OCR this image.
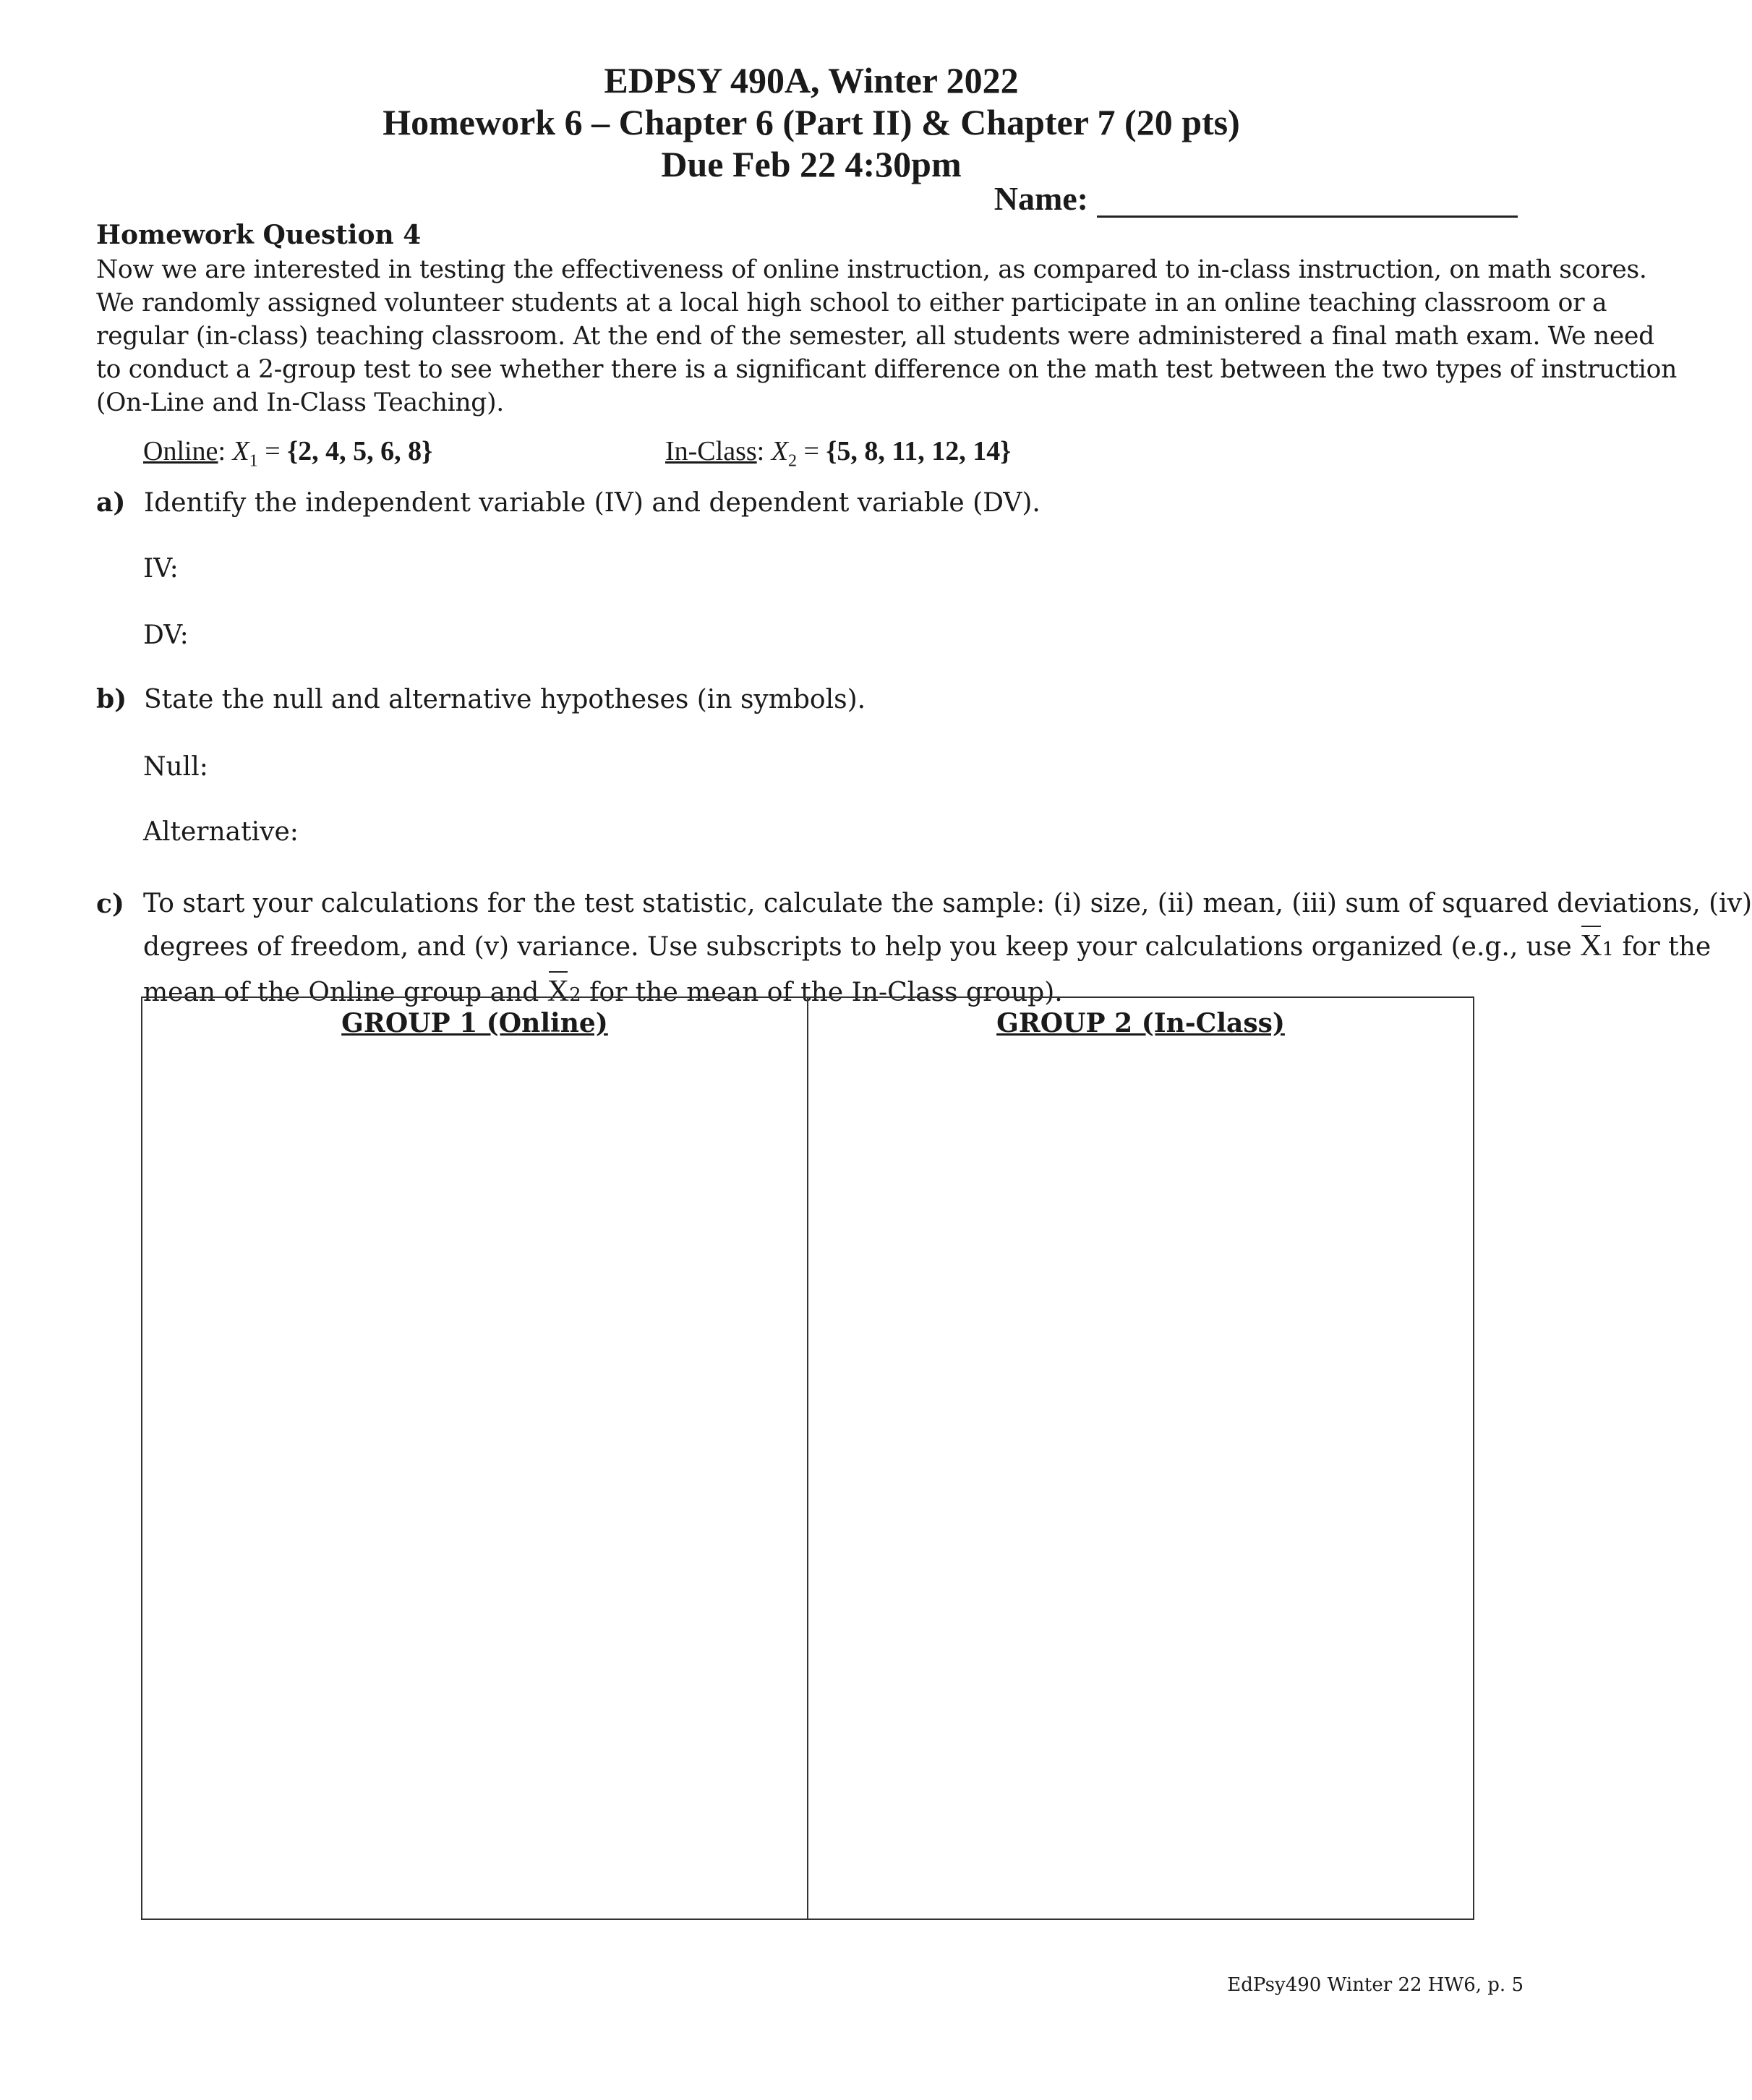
EDPSY 490A, Winter 2022
Homework 6 – Chapter 6 (Part II) & Chapter 7 (20 pts)
Due Feb 22 4:30pm
Name:
Homework Question 4
Now we are interested in testing the effectiveness of online instruction, as compared to in-class instruction, on math scores.
We randomly assigned volunteer students at a local high school to either participate in an online teaching classroom or a
regular (in-class) teaching classroom. At the end of the semester, all students were administered a final math exam. We need
to conduct a 2-group test to see whether there is a significant difference on the math test between the two types of instruction
(On-Line and In-Class Teaching).
Online: $X_1 = \{2$, 4, 5, 6, 8}	In-Class: $X_2 = \{5$, 8, 11, 12, 14}
a) Identify the independent variable (IV) and dependent variable (DV).
IV:
DV:
b) State the null and alternative hypotheses (in symbols).
Null:
Alternative:
c) To start your calculations for the test statistic, calculate the sample: (i) size, (ii) mean, (iii) sum of squared deviations, (iv)
degrees of freedom, and (v) variance. Use subscripts to help you keep your calculations organized (e.g., use X1 for the
mean of the Online group and X2 for the mean of the In-Class group).
GROUP 1 (Online)	GROUP 2 (In-Class)
EdPsy490 Winter 22 HW6, p. 5
